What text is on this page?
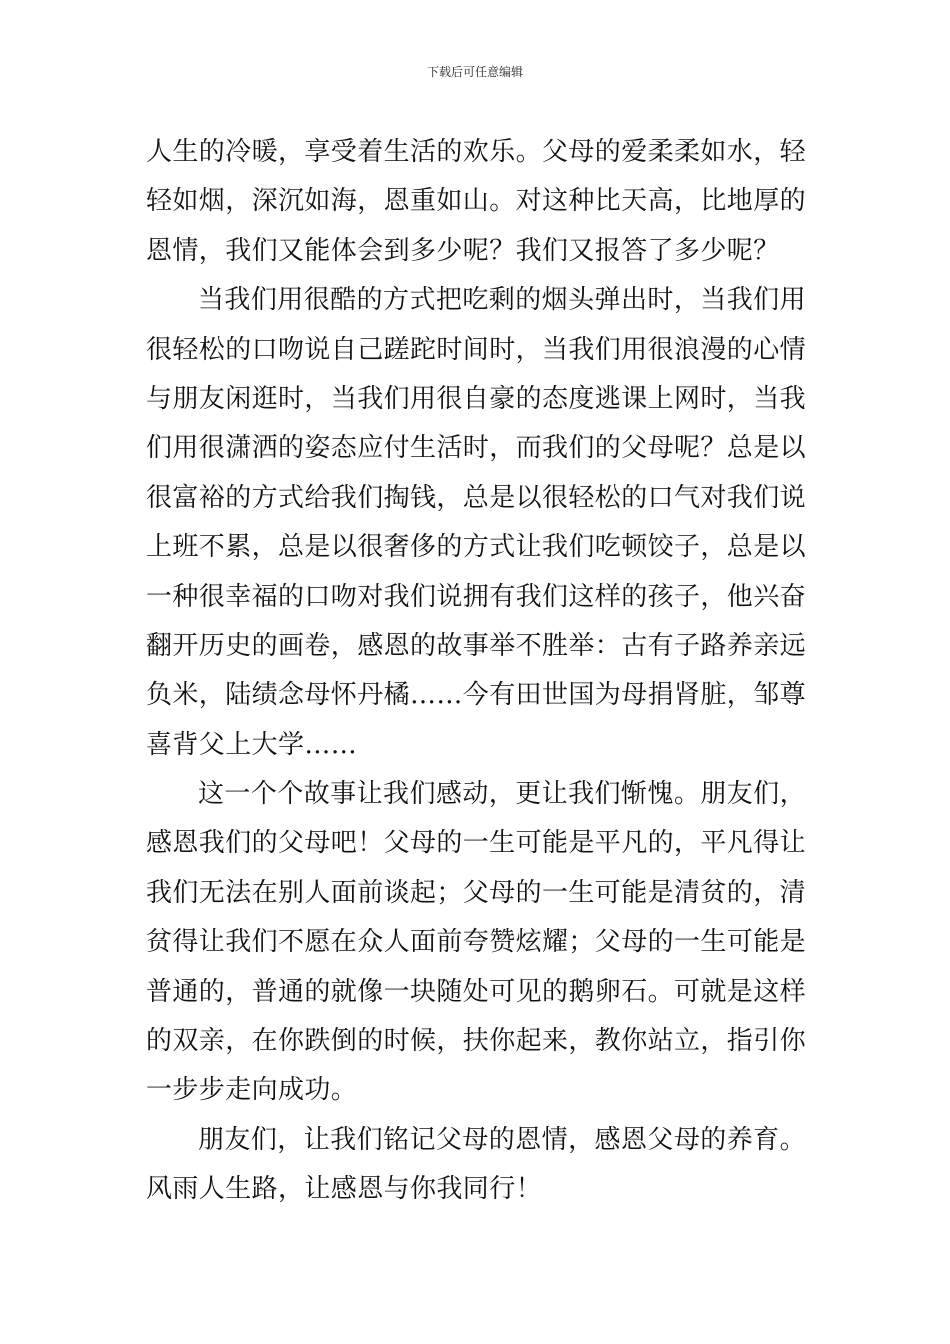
下载后可任意编辑
人生的冷暖，享受着生活的欢乐。父母的爱柔柔如水，轻
轻如烟，深沉如海，恩重如山。对这种比天高，比地厚的
恩情，我们又能体会到多少呢？我们又报答了多少呢？
当我们用很酷的方式把吃剩的烟头弹出时，当我们用
很轻松的口吻说自己蹉跎时间时，当我们用很浪漫的心情
与朋友闲逛时，当我们用很自豪的态度逃课上网时，当我
们用很潇洒的姿态应付生活时，而我们的父母呢？总是以
很富裕的方式给我们掏钱，总是以很轻松的口气对我们说
上班不累，总是以很奢侈的方式让我们吃顿饺子，总是以
一种很幸福的口吻对我们说拥有我们这样的孩子，他兴奋
翻开历史的画卷，感恩的故事举不胜举：古有子路养亲远
负米，陆绩念母怀丹橘……今有田世国为母捐肾脏，邹尊
喜背父上大学……
这一个个故事让我们感动，更让我们惭愧。朋友们，
感恩我们的父母吧！父母的一生可能是平凡的，平凡得让
我们无法在别人面前谈起；父母的一生可能是清贫的，清
贫得让我们不愿在众人面前夸赞炫耀；父母的一生可能是
普通的，普通的就像一块随处可见的鹅卵石。可就是这样
的双亲，在你跌倒的时候，扶你起来，教你站立，指引你
一步步走向成功。
朋友们，让我们铭记父母的恩情，感恩父母的养育。
风雨人生路，让感恩与你我同行！
